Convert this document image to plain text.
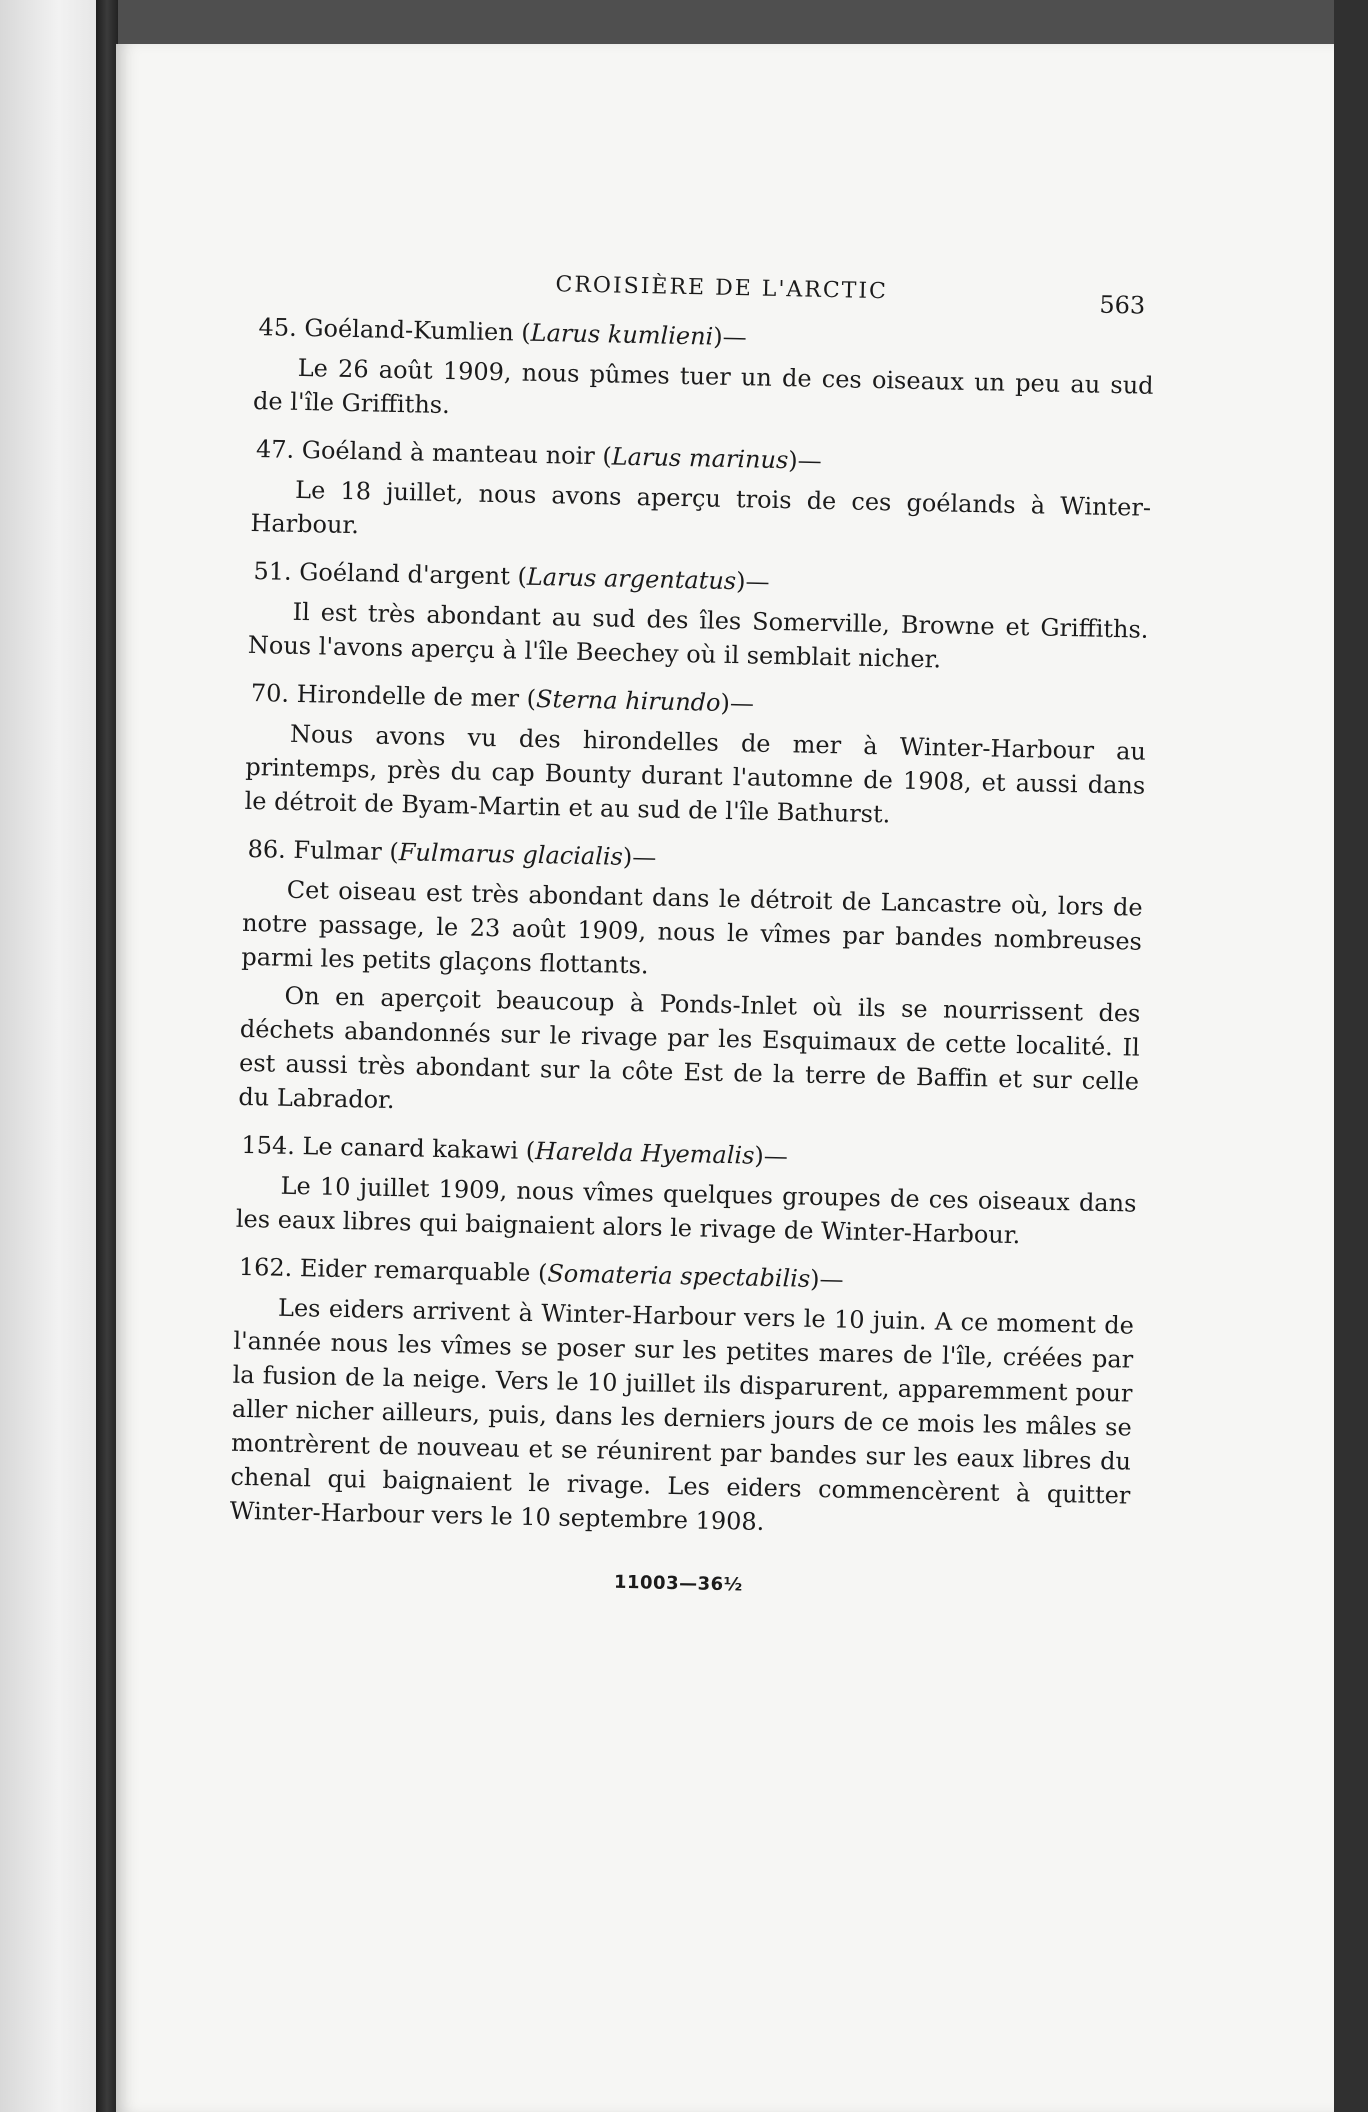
CROISIÈRE DE L'ARCTIC
563
45. Goéland-Kumlien (Larus kumlieni)—

Le 26 août 1909, nous pûmes tuer un de ces oiseaux un peu au sud de l'île Griffiths.

47. Goéland à manteau noir (Larus marinus)—

Le 18 juillet, nous avons aperçu trois de ces goélands à Winter-Harbour.

51. Goéland d'argent (Larus argentatus)—

Il est très abondant au sud des îles Somerville, Browne et Griffiths. Nous l'avons aperçu à l'île Beechey où il semblait nicher.

70. Hirondelle de mer (Sterna hirundo)—

Nous avons vu des hirondelles de mer à Winter-Harbour au printemps, près du cap Bounty durant l'automne de 1908, et aussi dans le détroit de Byam-Martin et au sud de l'île Bathurst.

86. Fulmar (Fulmarus glacialis)—

Cet oiseau est très abondant dans le détroit de Lancastre où, lors de notre passage, le 23 août 1909, nous le vîmes par bandes nombreuses parmi les petits glaçons flottants.

On en aperçoit beaucoup à Ponds-Inlet où ils se nourrissent des déchets abandonnés sur le rivage par les Esquimaux de cette localité. Il est aussi très abondant sur la côte Est de la terre de Baffin et sur celle du Labrador.

154. Le canard kakawi (Harelda Hyemalis)—

Le 10 juillet 1909, nous vîmes quelques groupes de ces oiseaux dans les eaux libres qui baignaient alors le rivage de Winter-Harbour.

162. Eider remarquable (Somateria spectabilis)—

Les eiders arrivent à Winter-Harbour vers le 10 juin. A ce moment de l'année nous les vîmes se poser sur les petites mares de l'île, créées par la fusion de la neige. Vers le 10 juillet ils disparurent, apparemment pour aller nicher ailleurs, puis, dans les derniers jours de ce mois les mâles se montrèrent de nouveau et se réunirent par bandes sur les eaux libres du chenal qui baignaient le rivage. Les eiders commencèrent à quitter Winter-Harbour vers le 10 septembre 1908.

11003—36½
